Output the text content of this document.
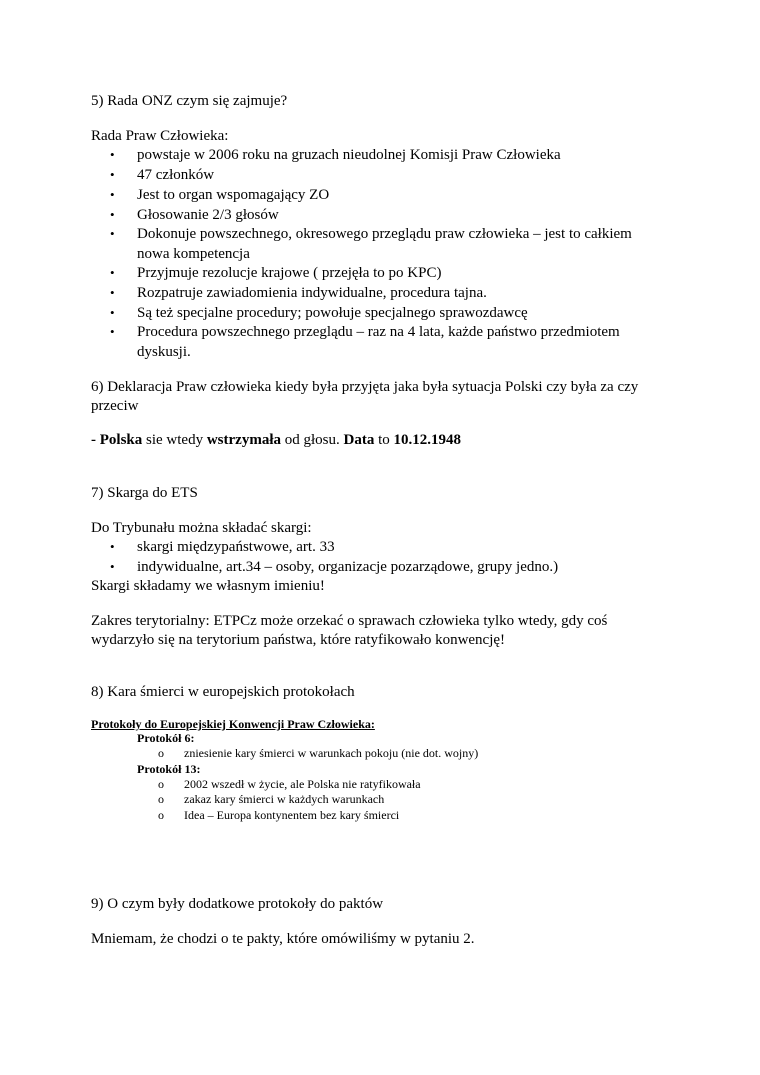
5) Rada ONZ czym się zajmuje?
Rada Praw Człowieka:
•	powstaje w 2006 roku na gruzach nieudolnej Komisji Praw Człowieka
•	47 członków
•	Jest to organ wspomagający ZO
•	Głosowanie 2/3 głosów
•	Dokonuje powszechnego, okresowego przeglądu praw człowieka – jest to całkiem
nowa kompetencja
•	Przyjmuje rezolucje krajowe ( przejęła to po KPC)
•	Rozpatruje zawiadomienia indywidualne, procedura tajna.
•	Są też specjalne procedury; powołuje specjalnego sprawozdawcę
•	Procedura powszechnego przeglądu – raz na 4 lata, każde państwo przedmiotem
dyskusji.
6) Deklaracja Praw człowieka kiedy była przyjęta jaka była sytuacja Polski czy była za czy
przeciw
- Polska sie wtedy wstrzymała od głosu. Data to 10.12.1948
7) Skarga do ETS
Do Trybunału można składać skargi:
•	skargi międzypaństwowe, art. 33
•	indywidualne, art.34 – osoby, organizacje pozarządowe, grupy jedno.)
Skargi składamy we własnym imieniu!
Zakres terytorialny: ETPCz może orzekać o sprawach człowieka tylko wtedy, gdy coś
wydarzyło się na terytorium państwa, które ratyfikowało konwencję!
8) Kara śmierci w europejskich protokołach
Protokoły do Europejskiej Konwencji Praw Człowieka:
Protokół 6:
o zniesienie kary śmierci w warunkach pokoju (nie dot. wojny)
Protokół 13:
o 2002 wszedł w życie, ale Polska nie ratyfikowała
o zakaz kary śmierci w każdych warunkach
o Idea – Europa kontynentem bez kary śmierci
9) O czym były dodatkowe protokoły do paktów
Mniemam, że chodzi o te pakty, które omówiliśmy w pytaniu 2.
